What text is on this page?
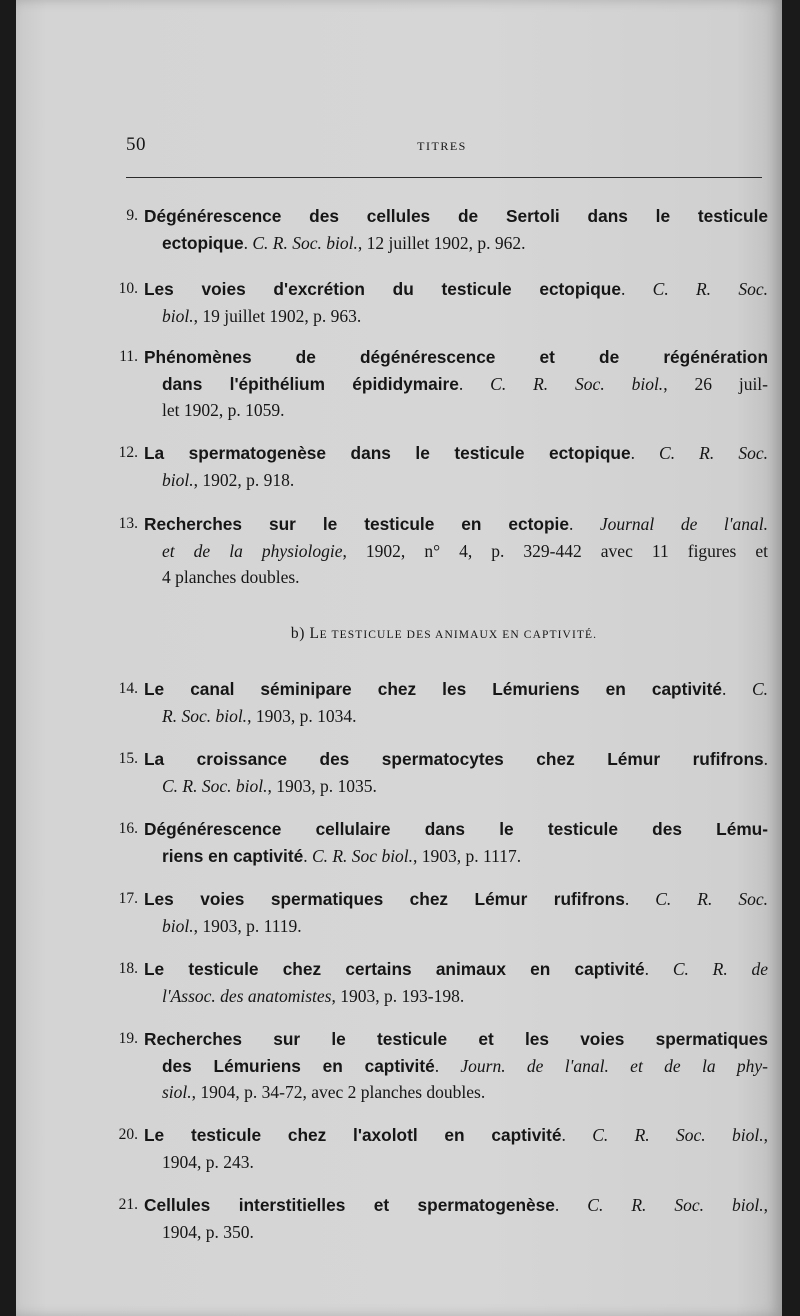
50	TITRES
b) LE TESTICULE DES ANIMAUX EN CAPTIVITÉ.
9. Dégénérescence des cellules de Sertoli dans le testicule
ectopique. C. R. Soc. biol., 12 juillet 1902, p. 962.
10. Les voies d'excrétion du testicule ectopique. C. R. Soc.
biol., 19 juillet 1902, p. 963.
11. Phénomènes de dégénérescence et de régénération
dans l'épithélium épididymaire. C. R. Soc. biol., 26 juil-
let 1902, p. 1059.
12. La spermatogenèse dans le testicule ectopique. C. R. Soc.
biol., 1902, p. 918.
13. Recherches sur le testicule en ectopie. Journal de l'anal.
et de la physiologie, 1902, n° 4, p. 329-442 avec 11 figures et
4 planches doubles.
14. Le canal séminipare chez les Lémuriens en captivité. C.
R. Soc. biol., 1903, p. 1034.
15. La croissance des spermatocytes chez Lémur rufifrons.
C. R. Soc. biol., 1903, p. 1035.
16. Dégénérescence cellulaire dans le testicule des Lému-
riens en captivité. C. R. Soc biol., 1903, p. 1117.
17. Les voies spermatiques chez Lémur rufifrons. C. R. Soc.
biol., 1903, p. 1119.
18. Le testicule chez certains animaux en captivité. C. R. de
l'Assoc. des anatomistes, 1903, p. 193-198.
19. Recherches sur le testicule et les voies spermatiques
des Lémuriens en captivité. Journ. de l'anal. et de la phy-
siol., 1904, p. 34-72, avec 2 planches doubles.
20. Le testicule chez l'axolotl en captivité. C. R. Soc. biol.,
1904, p. 243.
21. Cellules interstitielles et spermatogenèse. C. R. Soc. biol.,
1904, p. 350.
